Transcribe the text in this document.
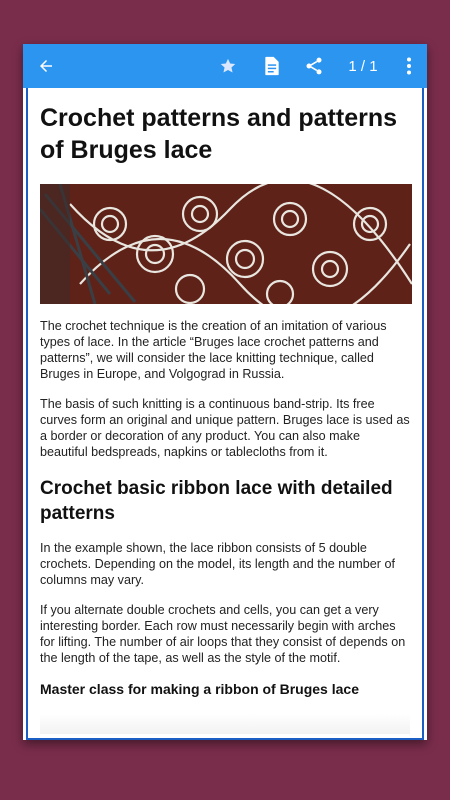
1 / 1
Crochet patterns and patterns of Bruges lace

The crochet technique is the creation of an imitation of various types of lace. In the article “Bruges lace crochet patterns and patterns”, we will consider the lace knitting technique, called Bruges in Europe, and Volgograd in Russia.

The basis of such knitting is a continuous band-strip. Its free curves form an original and unique pattern. Bruges lace is used as a border or decoration of any product. You can also make beautiful bedspreads, napkins or tablecloths from it.

Crochet basic ribbon lace with detailed patterns

In the example shown, the lace ribbon consists of 5 double crochets. Depending on the model, its length and the number of columns may vary.

If you alternate double crochets and cells, you can get a very interesting border. Each row must necessarily begin with arches for lifting. The number of air loops that they consist of depends on the length of the tape, as well as the style of the motif.

Master class for making a ribbon of Bruges lace
